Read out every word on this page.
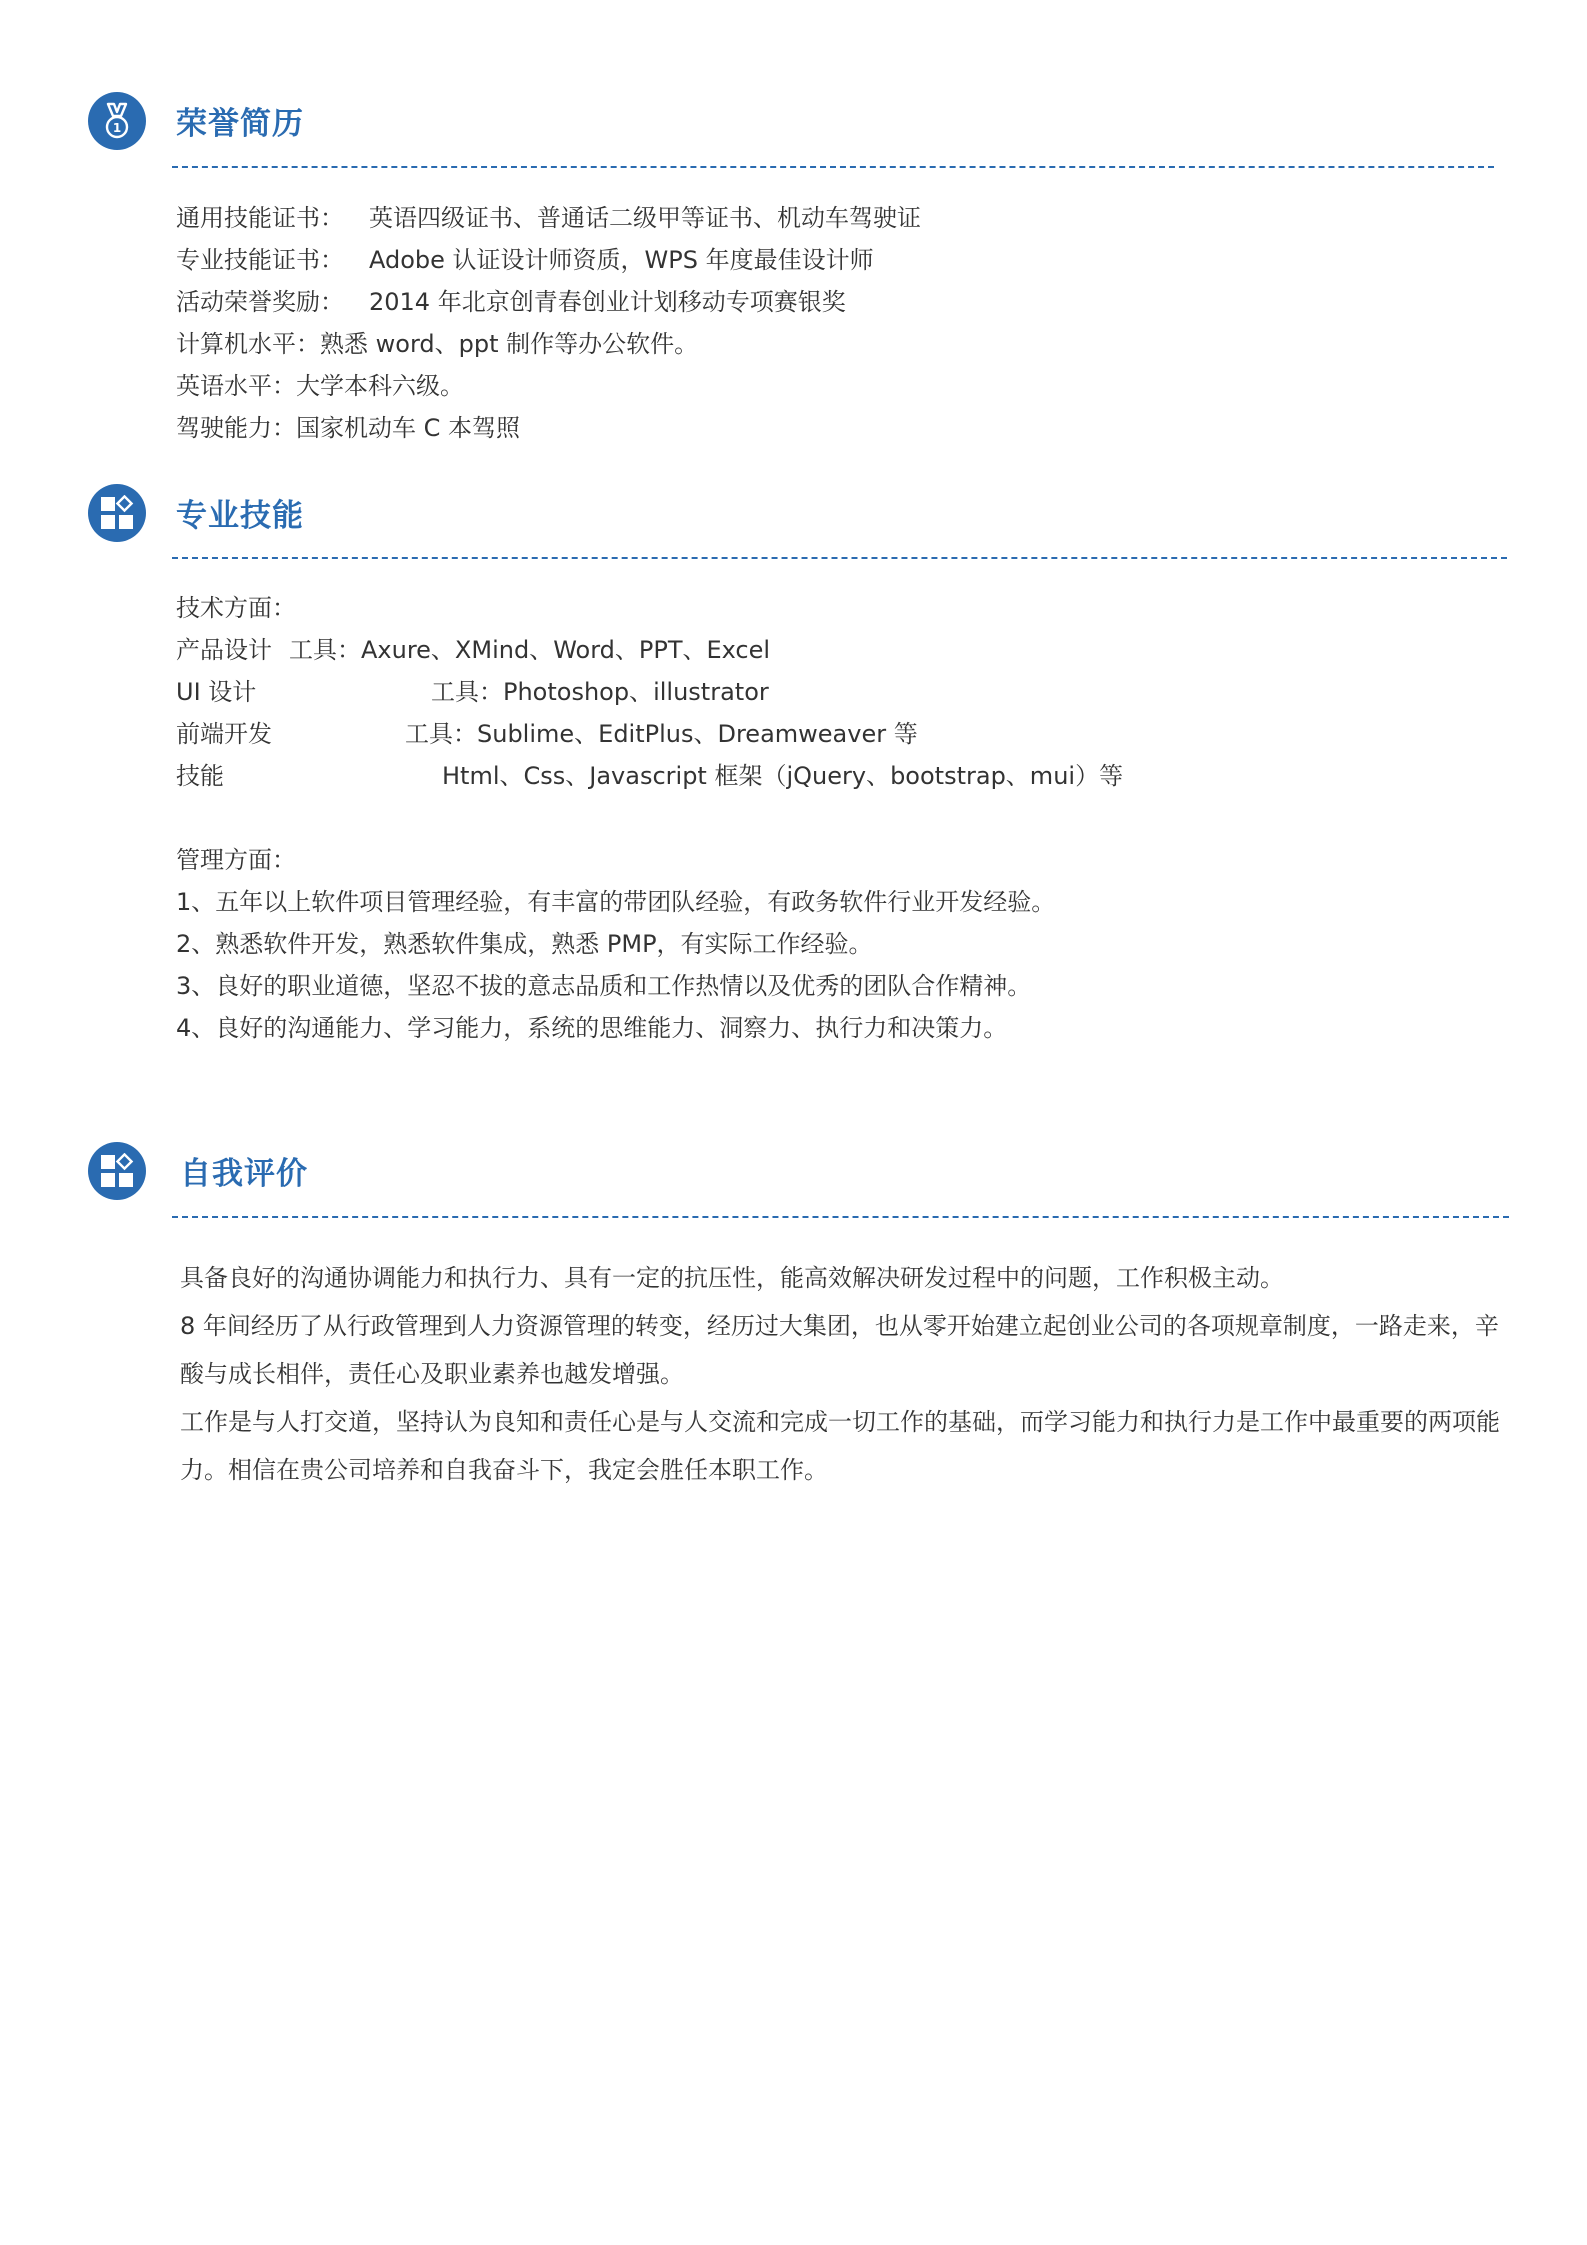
1 荣誉简历
通用技能证书： 英语四级证书、普通话二级甲等证书、机动车驾驶证
专业技能证书： Adobe 认证设计师资质，WPS 年度最佳设计师
活动荣誉奖励： 2014 年北京创青春创业计划移动专项赛银奖
计算机水平：熟悉 word、ppt 制作等办公软件。
英语水平：大学本科六级。
驾驶能力：国家机动车 C 本驾照
专业技能
技术方面：
产品设计 工具：Axure、XMind、Word、PPT、Excel
UI 设计	工具：Photoshop、illustrator
前端开发	工具：Sublime、EditPlus、Dreamweaver 等
技能	Html、Css、Javascript 框架（jQuery、bootstrap、mui）等
管理方面：
1、五年以上软件项目管理经验，有丰富的带团队经验，有政务软件行业开发经验。
2、熟悉软件开发，熟悉软件集成，熟悉 PMP，有实际工作经验。
3、良好的职业道德，坚忍不拔的意志品质和工作热情以及优秀的团队合作精神。
4、良好的沟通能力、学习能力，系统的思维能力、洞察力、执行力和决策力。
自我评价

具备良好的沟通协调能力和执行力、具有一定的抗压性，能高效解决研发过程中的问题，工作积极主动。

8 年间经历了从行政管理到人力资源管理的转变，经历过大集团，也从零开始建立起创业公司的各项规章制度，一路走来，辛酸与成长相伴，责任心及职业素养也越发增强。

工作是与人打交道，坚持认为良知和责任心是与人交流和完成一切工作的基础，而学习能力和执行力是工作中最重要的两项能力。相信在贵公司培养和自我奋斗下，我定会胜任本职工作。
